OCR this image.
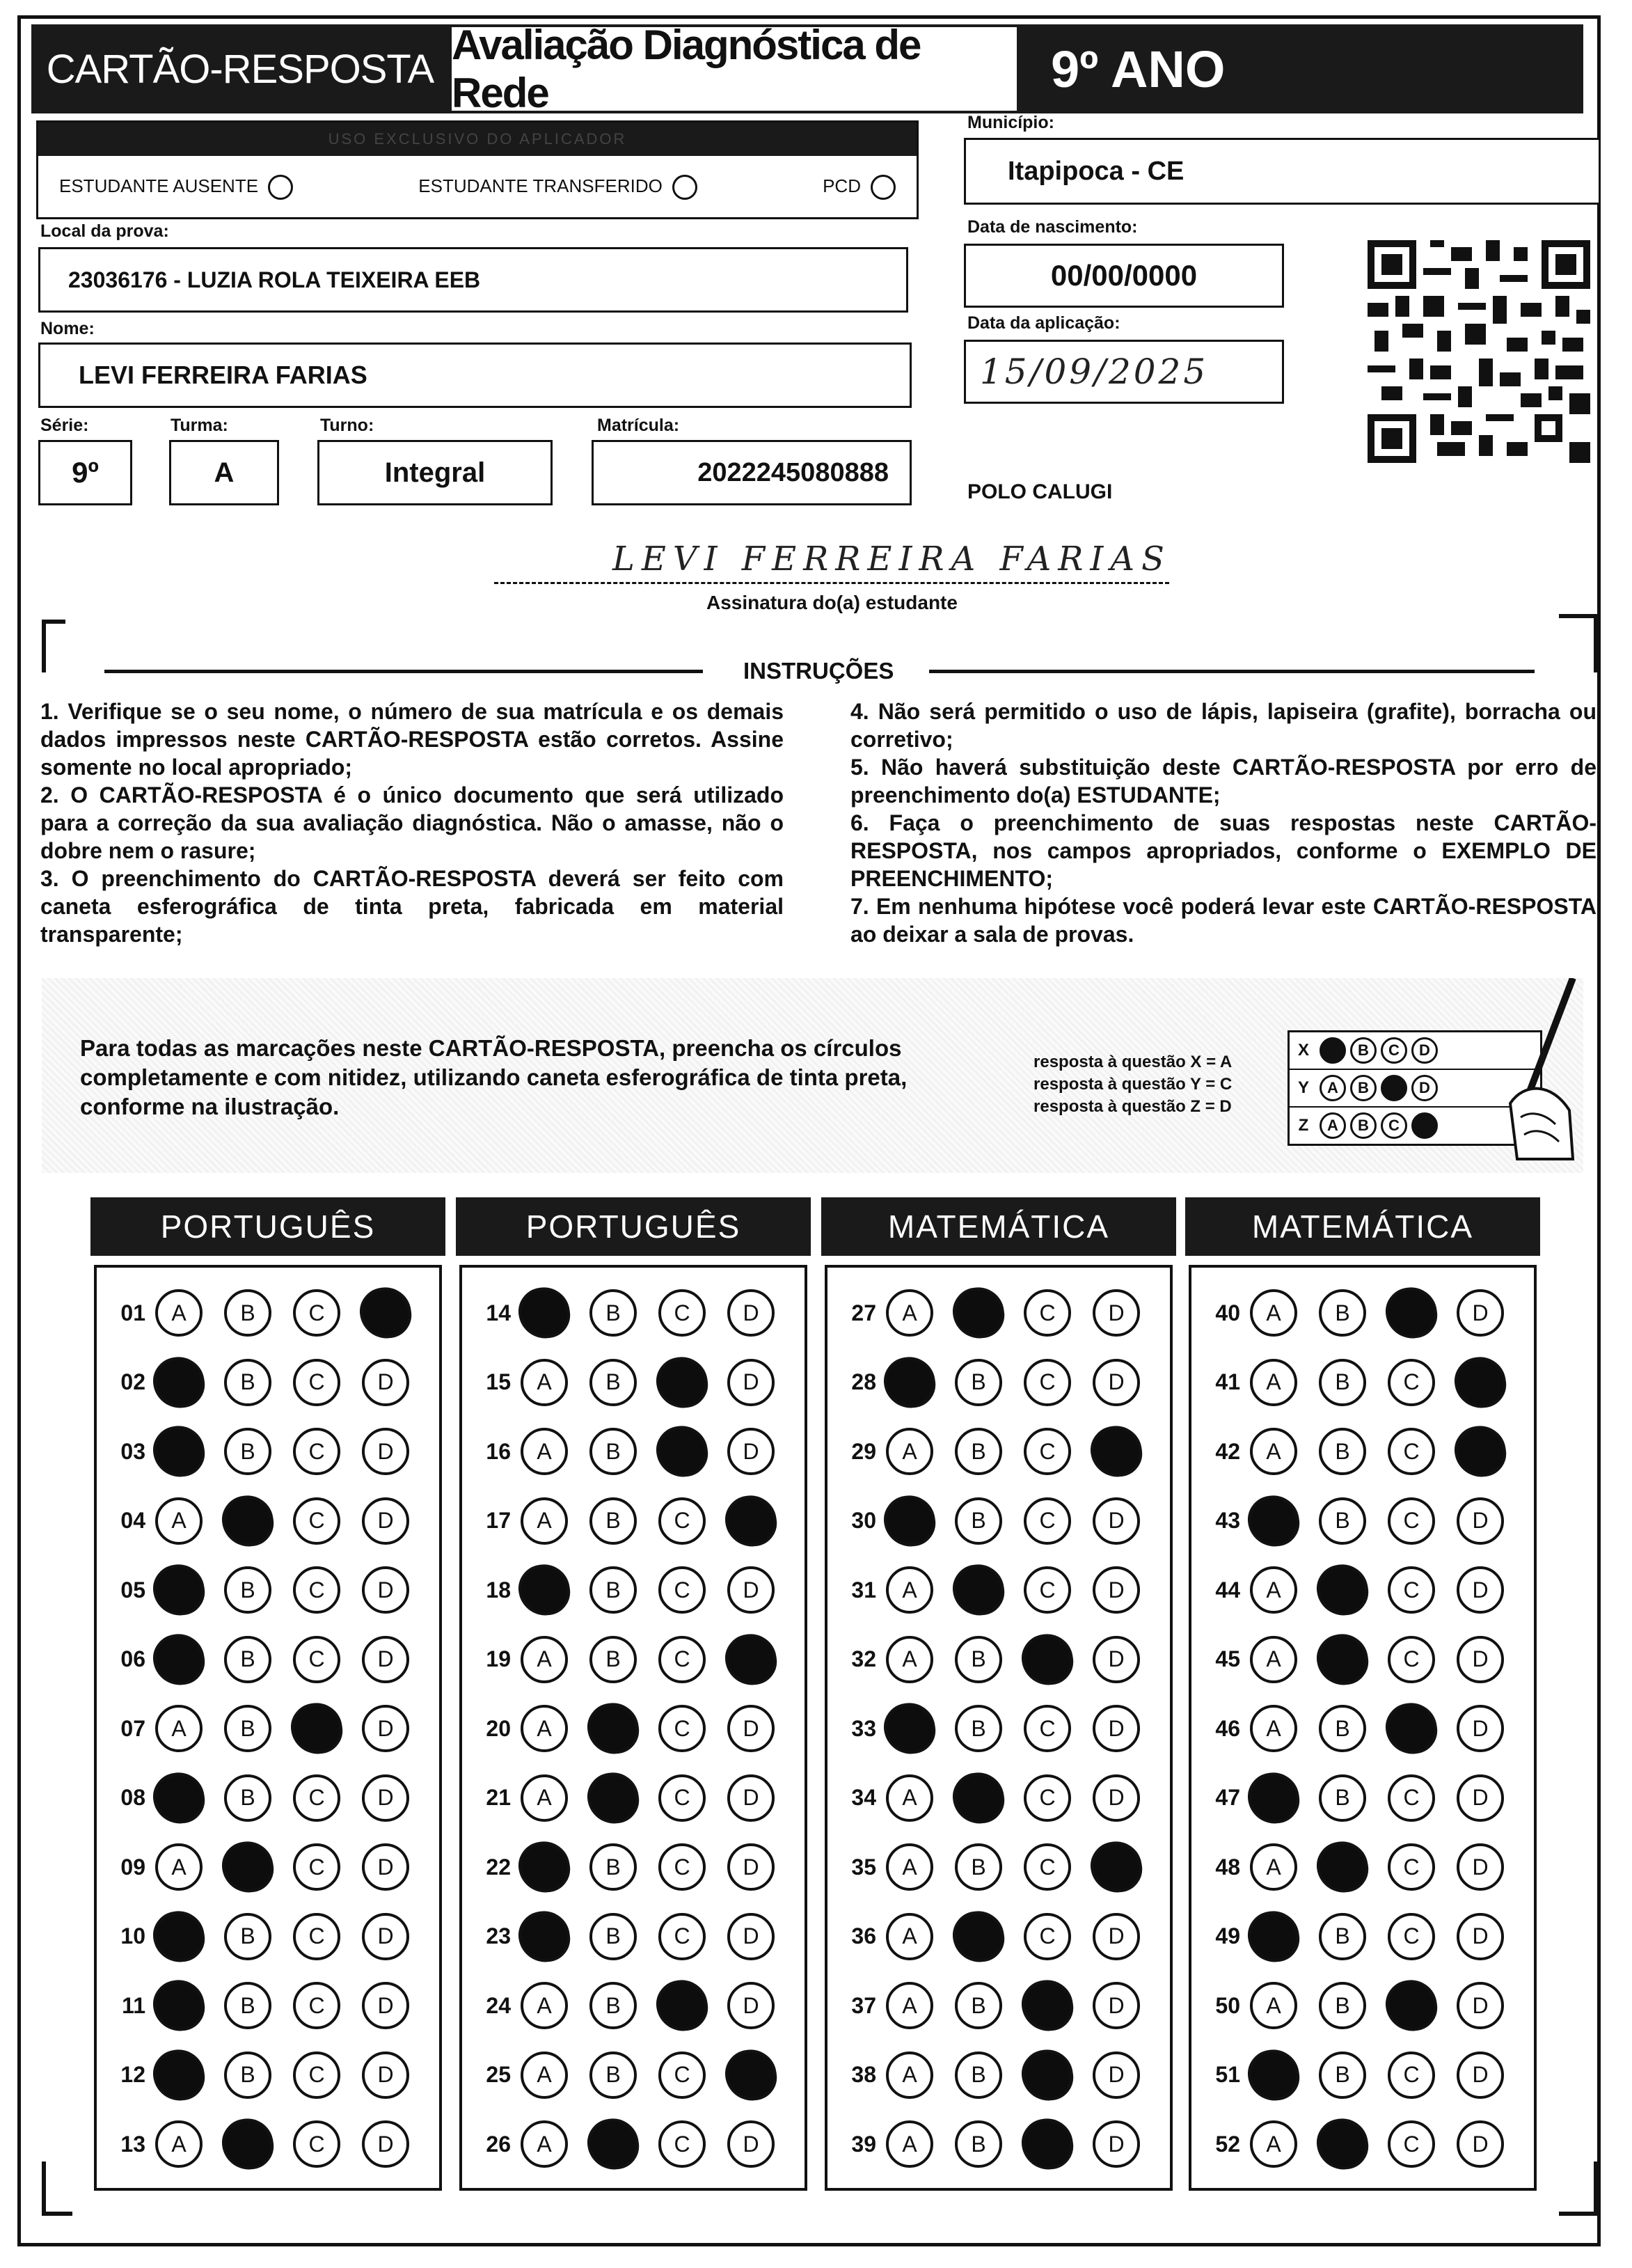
CARTÃO-RESPOSTA
Avaliação Diagnóstica de Rede	9º ANO
USO EXCLUSIVO DO APLICADOR
ESTUDANTE AUSENTE	ESTUDANTE TRANSFERIDO	PCD
Município:
Itapipoca - CE
Local da prova:
23036176 - LUZIA ROLA TEIXEIRA EEB
Data de nascimento:
00/00/0000
Data da aplicação:
15/09/2025
Nome:
LEVI FERREIRA FARIAS
Série:
9º
Turma:
A
Turno:
Integral
Matrícula:
2022245080888
POLO CALUGI
LEVI FERREIRA FARIAS
Assinatura do(a) estudante
INSTRUÇÕES
1. Verifique se o seu nome, o número de sua matrícula e os demais dados impressos neste CARTÃO-RESPOSTA estão corretos. Assine somente no local apropriado;
2. O CARTÃO-RESPOSTA é o único documento que será utilizado para a correção da sua avaliação diagnóstica. Não o amasse, não o dobre nem o rasure;
3. O preenchimento do CARTÃO-RESPOSTA deverá ser feito com caneta esferográfica de tinta preta, fabricada em material transparente;
4. Não será permitido o uso de lápis, lapiseira (grafite), borracha ou corretivo;
5. Não haverá substituição deste CARTÃO-RESPOSTA por erro de preenchimento do(a) ESTUDANTE;
6. Faça o preenchimento de suas respostas neste CARTÃO-RESPOSTA, nos campos apropriados, conforme o EXEMPLO DE PREENCHIMENTO;
7. Em nenhuma hipótese você poderá levar este CARTÃO-RESPOSTA ao deixar a sala de provas.
Para todas as marcações neste CARTÃO-RESPOSTA, preencha os círculos completamente e com nitidez, utilizando caneta esferográfica de tinta preta, conforme na ilustração.
resposta à questão X = A
resposta à questão Y = C
resposta à questão Z = D
X	B	C	D
Y	A	B	D
Z	A	B	C
PORTUGUÊS
01	A	B	C	D
02	A	B	C	D
03	A	B	C	D
04	A	B	C	D
05	A	B	C	D
06	A	B	C	D
07	A	B	C	D
08	A	B	C	D
09	A	B	C	D
10	A	B	C	D
11	A	B	C	D
12	A	B	C	D
13	A	B	C	D
PORTUGUÊS
14	A	B	C	D
15	A	B	C	D
16	A	B	C	D
17	A	B	C	D
18	A	B	C	D
19	A	B	C	D
20	A	B	C	D
21	A	B	C	D
22	A	B	C	D
23	A	B	C	D
24	A	B	C	D
25	A	B	C	D
26	A	B	C	D
MATEMÁTICA
27	A	B	C	D
28	A	B	C	D
29	A	B	C	D
30	A	B	C	D
31	A	B	C	D
32	A	B	C	D
33	A	B	C	D
34	A	B	C	D
35	A	B	C	D
36	A	B	C	D
37	A	B	C	D
38	A	B	C	D
39	A	B	C	D
MATEMÁTICA
40	A	B	C	D
41	A	B	C	D
42	A	B	C	D
43	A	B	C	D
44	A	B	C	D
45	A	B	C	D
46	A	B	C	D
47	A	B	C	D
48	A	B	C	D
49	A	B	C	D
50	A	B	C	D
51	A	B	C	D
52	A	B	C	D
